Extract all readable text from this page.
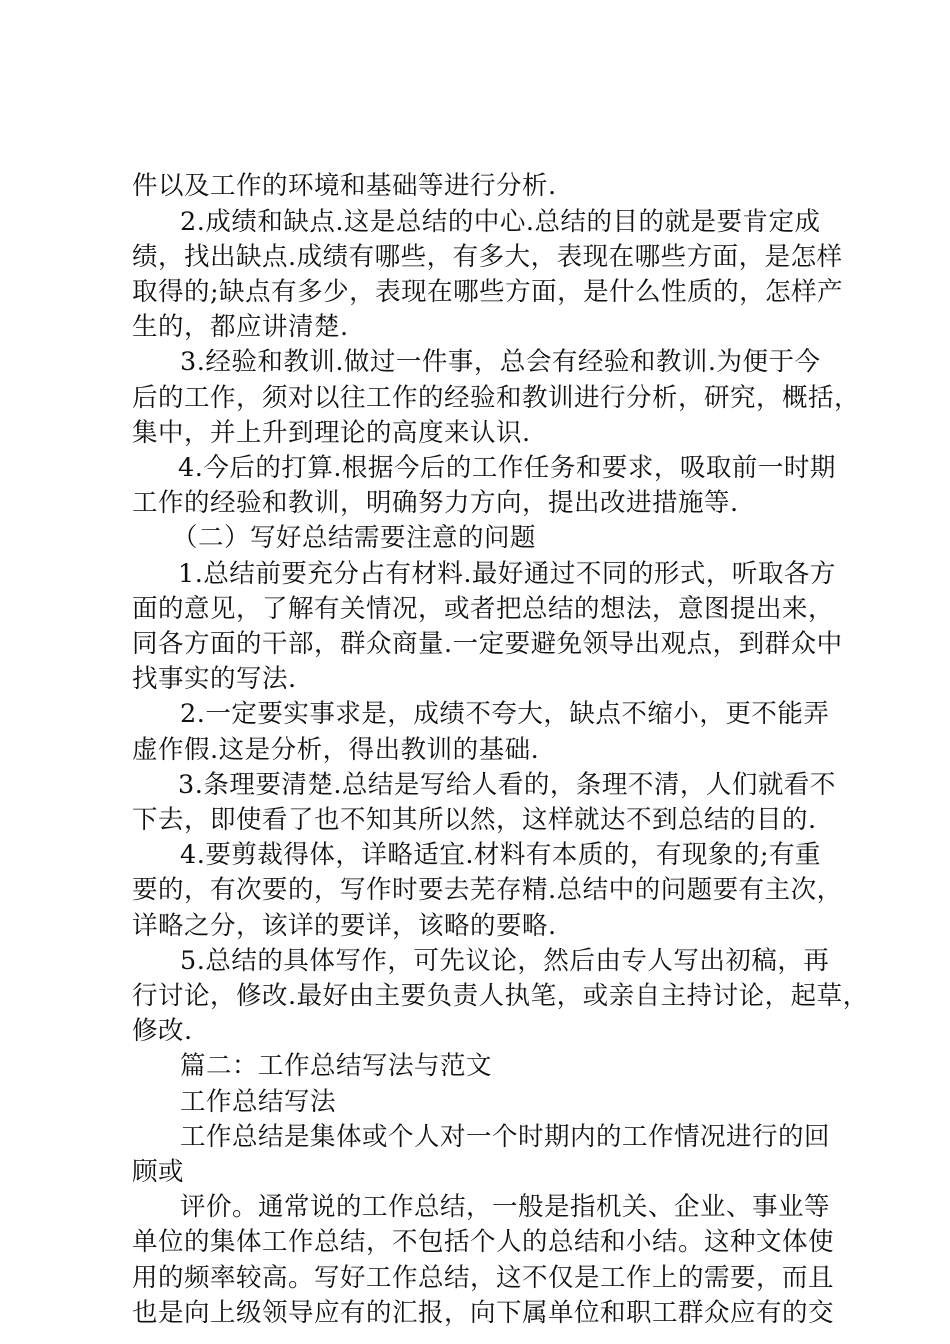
件以及工作的环境和基础等进行分析.
2.成绩和缺点.这是总结的中心.总结的目的就是要肯定成
绩，找出缺点.成绩有哪些，有多大，表现在哪些方面，是怎样
取得的;缺点有多少，表现在哪些方面，是什么性质的，怎样产
生的，都应讲清楚.
3.经验和教训.做过一件事，总会有经验和教训.为便于今
后的工作，须对以往工作的经验和教训进行分析，研究，概括，
集中，并上升到理论的高度来认识.
4.今后的打算.根据今后的工作任务和要求，吸取前一时期
工作的经验和教训，明确努力方向，提出改进措施等.
（二）写好总结需要注意的问题
1.总结前要充分占有材料.最好通过不同的形式，听取各方
面的意见，了解有关情况，或者把总结的想法，意图提出来，
同各方面的干部，群众商量.一定要避免领导出观点，到群众中
找事实的写法.
2.一定要实事求是，成绩不夸大，缺点不缩小，更不能弄
虚作假.这是分析，得出教训的基础.
3.条理要清楚.总结是写给人看的，条理不清，人们就看不
下去，即使看了也不知其所以然，这样就达不到总结的目的.
4.要剪裁得体，详略适宜.材料有本质的，有现象的;有重
要的，有次要的，写作时要去芜存精.总结中的问题要有主次，
详略之分，该详的要详，该略的要略.
5.总结的具体写作，可先议论，然后由专人写出初稿，再
行讨论，修改.最好由主要负责人执笔，或亲自主持讨论，起草，
修改.
篇二：工作总结写法与范文
工作总结写法
工作总结是集体或个人对一个时期内的工作情况进行的回
顾或
评价。通常说的工作总结，一般是指机关、企业、事业等
单位的集体工作总结，不包括个人的总结和小结。这种文体使
用的频率较高。写好工作总结，这不仅是工作上的需要，而且
也是向上级领导应有的汇报，向下属单位和职工群众应有的交
